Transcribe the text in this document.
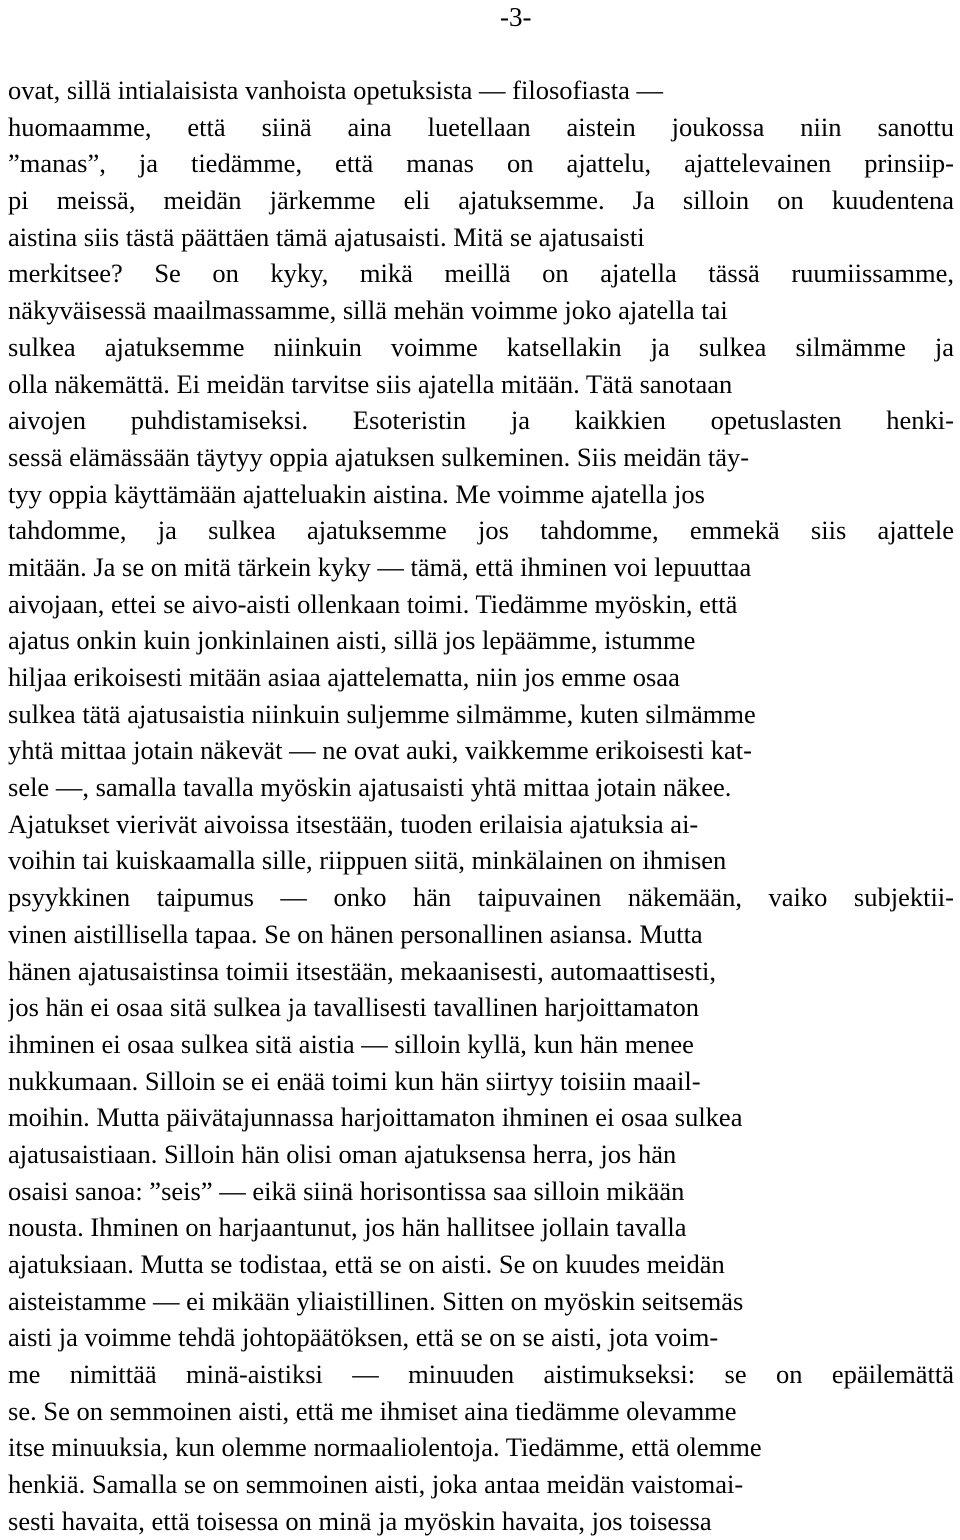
-3-
ovat, sillä intialaisista vanhoista opetuksista — filosofiasta —
huomaamme, että siinä aina luetellaan aistein joukossa niin sanottu
”manas”, ja tiedämme, että manas on ajattelu, ajattelevainen prinsiip-
pi meissä, meidän järkemme eli ajatuksemme. Ja silloin on kuudentena
aistina siis tästä päättäen tämä ajatusaisti. Mitä se ajatusaisti
merkitsee? Se on kyky, mikä meillä on ajatella tässä ruumiissamme,
näkyväisessä maailmassamme, sillä mehän voimme joko ajatella tai
sulkea ajatuksemme niinkuin voimme katsellakin ja sulkea silmämme ja
olla näkemättä. Ei meidän tarvitse siis ajatella mitään. Tätä sanotaan
aivojen puhdistamiseksi. Esoteristin ja kaikkien opetuslasten henki-
sessä elämässään täytyy oppia ajatuksen sulkeminen. Siis meidän täy-
tyy oppia käyttämään ajatteluakin aistina. Me voimme ajatella jos
tahdomme, ja sulkea ajatuksemme jos tahdomme, emmekä siis ajattele
mitään. Ja se on mitä tärkein kyky — tämä, että ihminen voi lepuuttaa
aivojaan, ettei se aivo-aisti ollenkaan toimi. Tiedämme myöskin, että
ajatus onkin kuin jonkinlainen aisti, sillä jos lepäämme, istumme
hiljaa erikoisesti mitään asiaa ajattelematta, niin jos emme osaa
sulkea tätä ajatusaistia niinkuin suljemme silmämme, kuten silmämme
yhtä mittaa jotain näkevät — ne ovat auki, vaikkemme erikoisesti kat-
sele —, samalla tavalla myöskin ajatusaisti yhtä mittaa jotain näkee.
Ajatukset vierivät aivoissa itsestään, tuoden erilaisia ajatuksia ai-
voihin tai kuiskaamalla sille, riippuen siitä, minkälainen on ihmisen
psyykkinen taipumus — onko hän taipuvainen näkemään, vaiko subjektii-
vinen aistillisella tapaa. Se on hänen personallinen asiansa. Mutta
hänen ajatusaistinsa toimii itsestään, mekaanisesti, automaattisesti,
jos hän ei osaa sitä sulkea ja tavallisesti tavallinen harjoittamaton
ihminen ei osaa sulkea sitä aistia — silloin kyllä, kun hän menee
nukkumaan. Silloin se ei enää toimi kun hän siirtyy toisiin maail-
moihin. Mutta päivätajunnassa harjoittamaton ihminen ei osaa sulkea
ajatusaistiaan. Silloin hän olisi oman ajatuksensa herra, jos hän
osaisi sanoa: ”seis” — eikä siinä horisontissa saa silloin mikään
nousta. Ihminen on harjaantunut, jos hän hallitsee jollain tavalla
ajatuksiaan. Mutta se todistaa, että se on aisti. Se on kuudes meidän
aisteistamme — ei mikään yliaistillinen. Sitten on myöskin seitsemäs
aisti ja voimme tehdä johtopäätöksen, että se on se aisti, jota voim-
me nimittää minä-aistiksi — minuuden aistimukseksi: se on epäilemättä
se. Se on semmoinen aisti, että me ihmiset aina tiedämme olevamme
itse minuuksia, kun olemme normaaliolentoja. Tiedämme, että olemme
henkiä. Samalla se on semmoinen aisti, joka antaa meidän vaistomai-
sesti havaita, että toisessa on minä ja myöskin havaita, jos toisessa
